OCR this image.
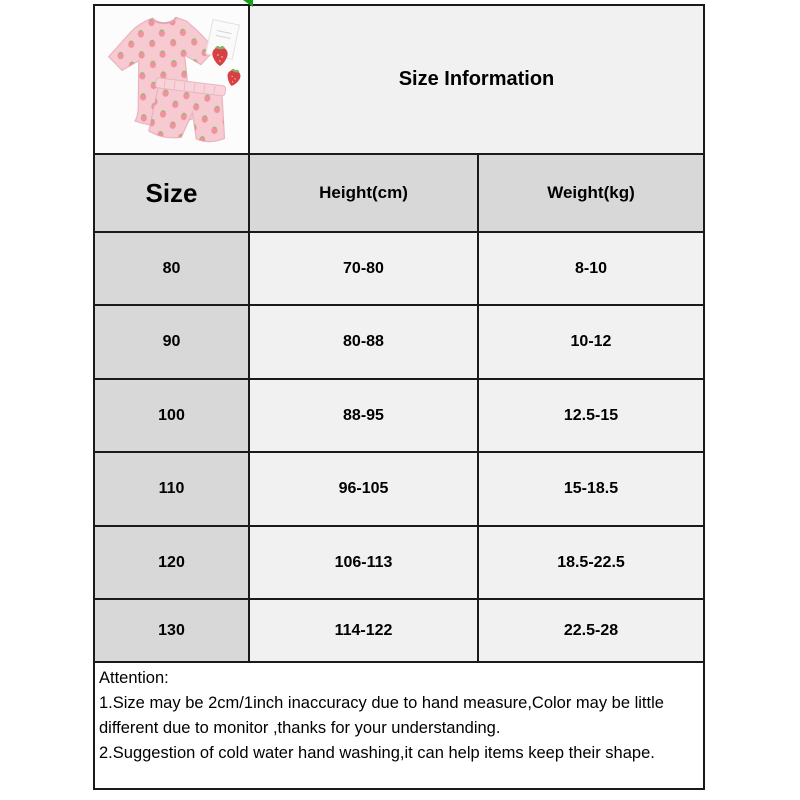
Size Information
Size	Height(cm)	Weight(kg)
80	70-80	8-10
90	80-88	10-12
100	88-95	12.5-15
110	96-105	15-18.5
120	106-113	18.5-22.5
130	114-122	22.5-28
Attention:
1.Size may be 2cm/1inch inaccuracy due to hand measure,Color may be little
different due to monitor ,thanks for your understanding.
2.Suggestion of cold water hand washing,it can help items keep their shape.
